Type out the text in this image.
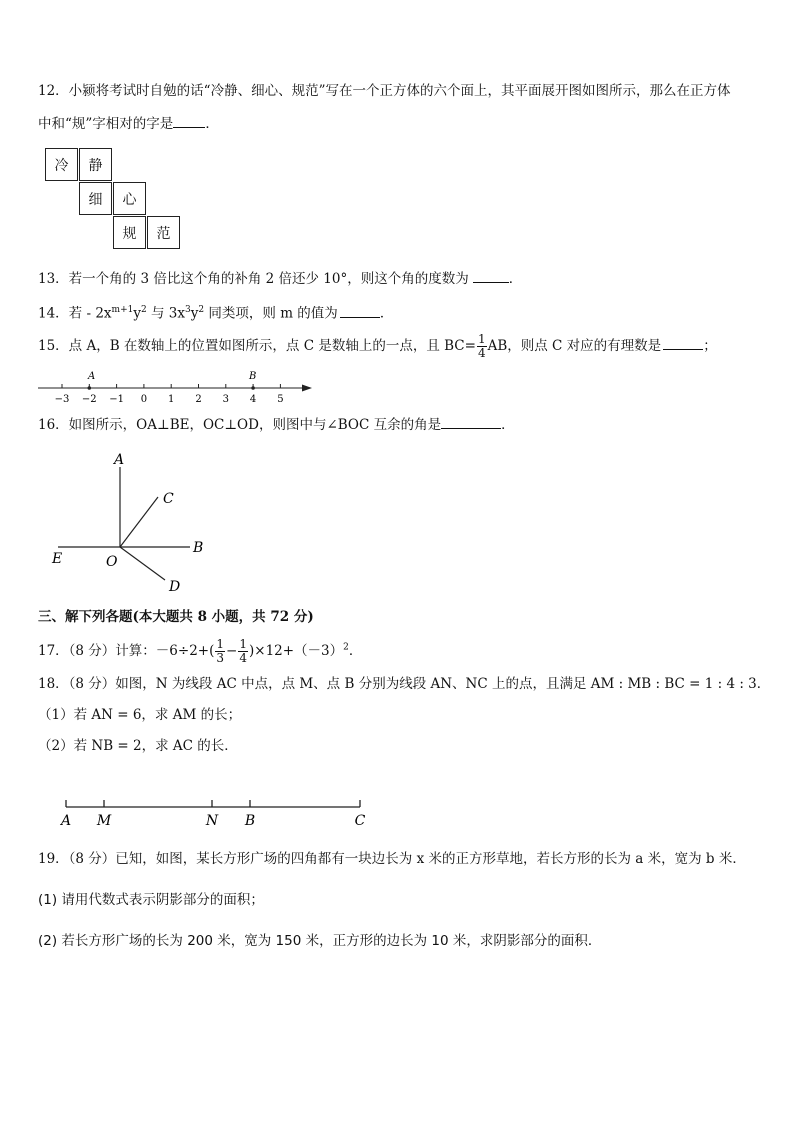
12．小颍将考试时自勉的话“冷静、细心、规范”写在一个正方体的六个面上，其平面展开图如图所示，那么在正方体
中和“规”字相对的字是 ．
冷	静
细	心
规	范
13．若一个角的 3 倍比这个角的补角 2 倍还少 10°，则这个角的度数为	．
14．若 - $2x^{m+1}y^2$ 与 $3x^3y^2$ 同类项，则 m 的值为	．
15．点 A，B 在数轴上的位置如图所示，点 C 是数轴上的一点，且 $BC= \frac{1}{4}$ AB，则点 C 对应的有理数是	；
−3 −2 −1 0 1 2 3 4 5
A	B
16．如图所示，OA⊥BE，OC⊥OD，则图中与∠BOC 互余的角是	．
A
C
E	O
B
D
三、解下列各题(本大题共 8 小题，共 72 分)
17．（8 分）计算：$-6\div 2+( \frac{1}{3} - \frac{1}{4} )\times 12+(-3)^2$．
18．（8 分）如图，N 为线段 AC 中点，点 M、点 B 分别为线段 AN、NC 上的点，且满足 AM : MB : BC = 1 : 4 : 3．
（1）若 AN = 6，求 AM 的长；
（2）若 NB = 2，求 AC 的长．
A M	N B	C
19．（8 分）已知，如图，某长方形广场的四角都有一块边长为 x 米的正方形草地，若长方形的长为 a 米，宽为 b 米．
(1) 请用代数式表示阴影部分的面积；
(2) 若长方形广场的长为 200 米，宽为 150 米，正方形的边长为 10 米，求阴影部分的面积．
